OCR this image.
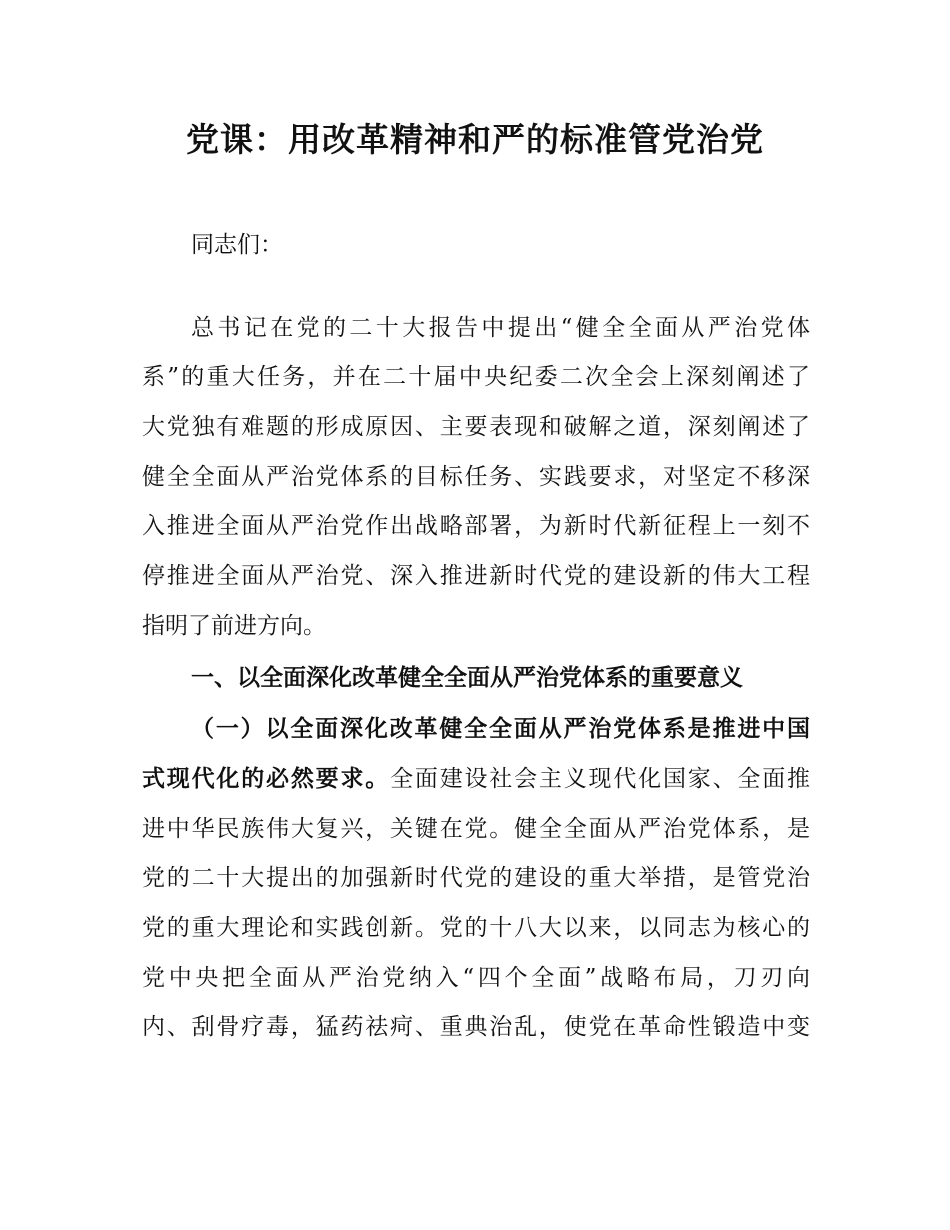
党课：用改革精神和严的标准管党治党
同志们：
总书记在党的二十大报告中提出“健全全面从严治党体
系”的重大任务，并在二十届中央纪委二次全会上深刻阐述了
大党独有难题的形成原因、主要表现和破解之道，深刻阐述了
健全全面从严治党体系的目标任务、实践要求，对坚定不移深
入推进全面从严治党作出战略部署，为新时代新征程上一刻不
停推进全面从严治党、深入推进新时代党的建设新的伟大工程
指明了前进方向。
一、以全面深化改革健全全面从严治党体系的重要意义
（一）以全面深化改革健全全面从严治党体系是推进中国
式现代化的必然要求。全面建设社会主义现代化国家、全面推
进中华民族伟大复兴，关键在党。健全全面从严治党体系，是
党的二十大提出的加强新时代党的建设的重大举措，是管党治
党的重大理论和实践创新。党的十八大以来，以同志为核心的
党中央把全面从严治党纳入“四个全面”战略布局，刀刃向
内、刮骨疗毒，猛药祛疴、重典治乱，使党在革命性锻造中变
